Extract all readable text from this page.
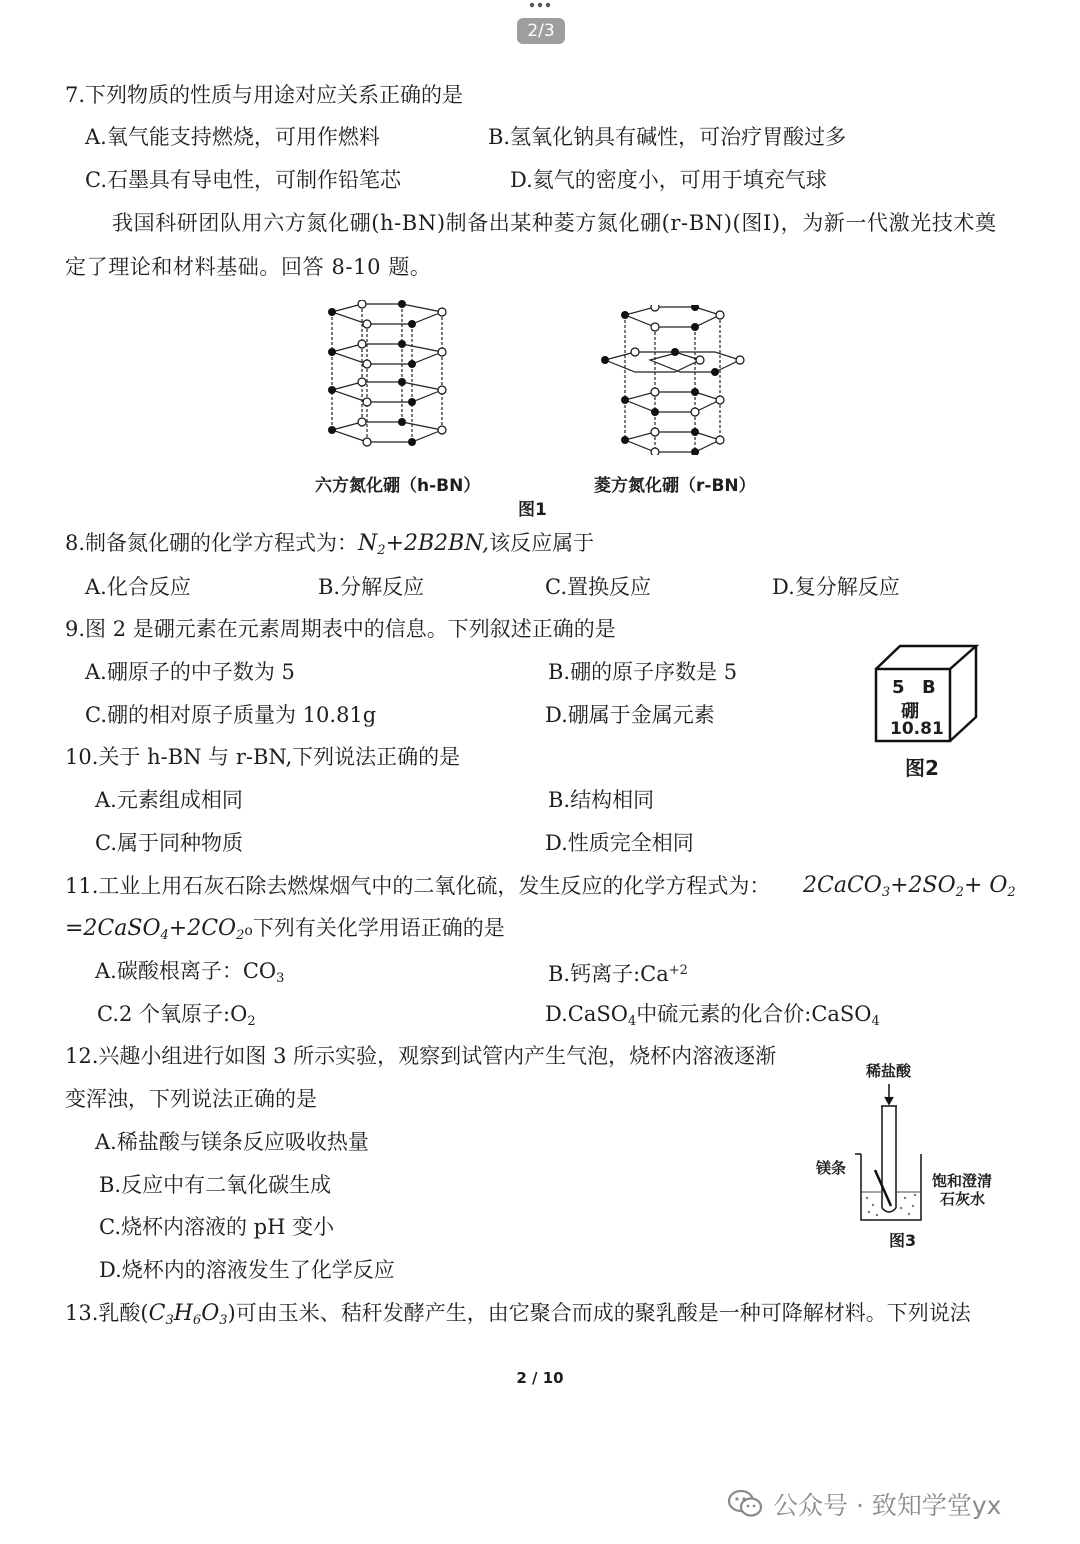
2/3
7.下列物质的性质与用途对应关系正确的是
A.氧气能支持燃烧，可用作燃料	B.氢氧化钠具有碱性，可治疗胃酸过多
C.石墨具有导电性，可制作铅笔芯	D.氦气的密度小，可用于填充气球
我国科研团队用六方氮化硼(h-BN)制备出某种菱方氮化硼(r-BN)(图Ⅰ)，为新一代激光技术奠
定了理论和材料基础。回答 8-10 题。
六方氮化硼（h-BN）	菱方氮化硼（r-BN）
图1
8.制备氮化硼的化学方程式为：$N_2+2B2BN$,该反应属于
A.化合反应	B.分解反应	C.置换反应	D.复分解反应
9.图 2 是硼元素在元素周期表中的信息。下列叙述正确的是
A.硼原子的中子数为 5	B.硼的原子序数是 5
C.硼的相对原子质量为 10.81g	D.硼属于金属元素
5 B
硼
10.81
图2
10.关于 h-BN 与 r-BN,下列说法正确的是
A.元素组成相同	B.结构相同
C.属于同种物质	D.性质完全相同
11.工业上用石灰石除去燃煤烟气中的二氧化硫，发生反应的化学方程式为： $2CaCO_3+2SO_2+ O_2$
$=2CaSO_4+2CO_2o$下列有关化学用语正确的是
A.碳酸根离子：$CO_3$	B.钙离子$:Ca^{+2}$
C.2 个氧原子$:O_2$	D.CaSO$_4$中硫元素的化合价:CaSO$_4$
12.兴趣小组进行如图 3 所示实验，观察到试管内产生气泡，烧杯内溶液逐渐
变浑浊，下列说法正确的是
A.稀盐酸与镁条反应吸收热量
B.反应中有二氧化碳生成
C.烧杯内溶液的 pH 变小
D.烧杯内的溶液发生了化学反应
稀盐酸
镁条
饱和澄清
石灰水
图3
13.乳酸$(C_3H_6O_3)$可由玉米、秸秆发酵产生，由它聚合而成的聚乳酸是一种可降解材料。下列说法
2 / 10
公众号 · 致知学堂yx
